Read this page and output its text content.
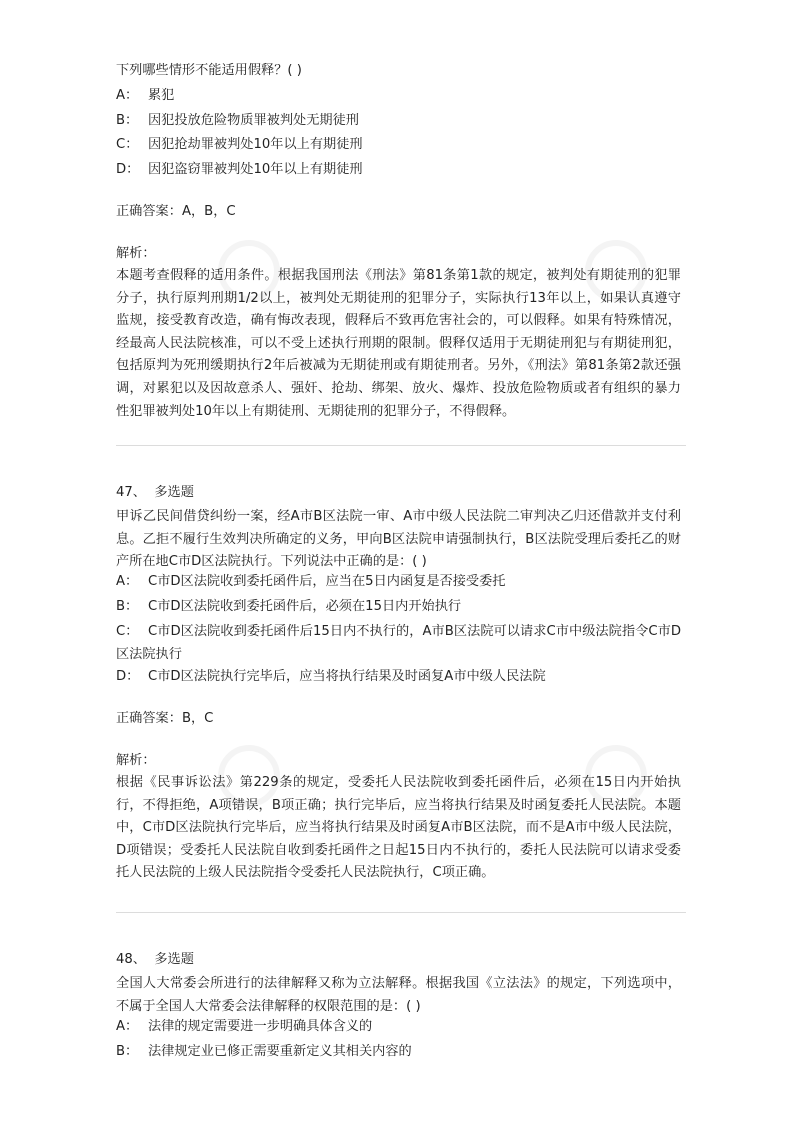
下列哪些情形不能适用假释？( )
A： 累犯
B： 因犯投放危险物质罪被判处无期徒刑
C： 因犯抢劫罪被判处10年以上有期徒刑
D： 因犯盗窃罪被判处10年以上有期徒刑
正确答案：A，B，C
解析：
本题考查假释的适用条件。根据我国刑法《刑法》第81条第1款的规定，被判处有期徒刑的犯罪分子，执行原判刑期1/2以上，被判处无期徒刑的犯罪分子，实际执行13年以上，如果认真遵守监规，接受教育改造，确有悔改表现，假释后不致再危害社会的，可以假释。如果有特殊情况，经最高人民法院核准，可以不受上述执行刑期的限制。假释仅适用于无期徒刑犯与有期徒刑犯，包括原判为死刑缓期执行2年后被减为无期徒刑或有期徒刑者。另外，《刑法》第81条第2款还强调，对累犯以及因故意杀人、强奸、抢劫、绑架、放火、爆炸、投放危险物质或者有组织的暴力性犯罪被判处10年以上有期徒刑、无期徒刑的犯罪分子，不得假释。
47、 多选题
甲诉乙民间借贷纠纷一案，经A市B区法院一审、A市中级人民法院二审判决乙归还借款并支付利息。乙拒不履行生效判决所确定的义务，甲向B区法院申请强制执行，B区法院受理后委托乙的财产所在地C市D区法院执行。下列说法中正确的是：( )
A： C市D区法院收到委托函件后，应当在5日内函复是否接受委托
B： C市D区法院收到委托函件后，必须在15日内开始执行
C： C市D区法院收到委托函件后15日内不执行的，A市B区法院可以请求C市中级法院指令C市D区法院执行
D： C市D区法院执行完毕后，应当将执行结果及时函复A市中级人民法院
正确答案：B，C
解析：
根据《民事诉讼法》第229条的规定，受委托人民法院收到委托函件后，必须在15日内开始执行，不得拒绝，A项错误，B项正确；执行完毕后，应当将执行结果及时函复委托人民法院。本题中，C市D区法院执行完毕后，应当将执行结果及时函复A市B区法院，而不是A市中级人民法院，D项错误；受委托人民法院自收到委托函件之日起15日内不执行的，委托人民法院可以请求受委托人民法院的上级人民法院指令受委托人民法院执行，C项正确。
48、 多选题
全国人大常委会所进行的法律解释又称为立法解释。根据我国《立法法》的规定，下列选项中，不属于全国人大常委会法律解释的权限范围的是：( )
A： 法律的规定需要进一步明确具体含义的
B： 法律规定业已修正需要重新定义其相关内容的
